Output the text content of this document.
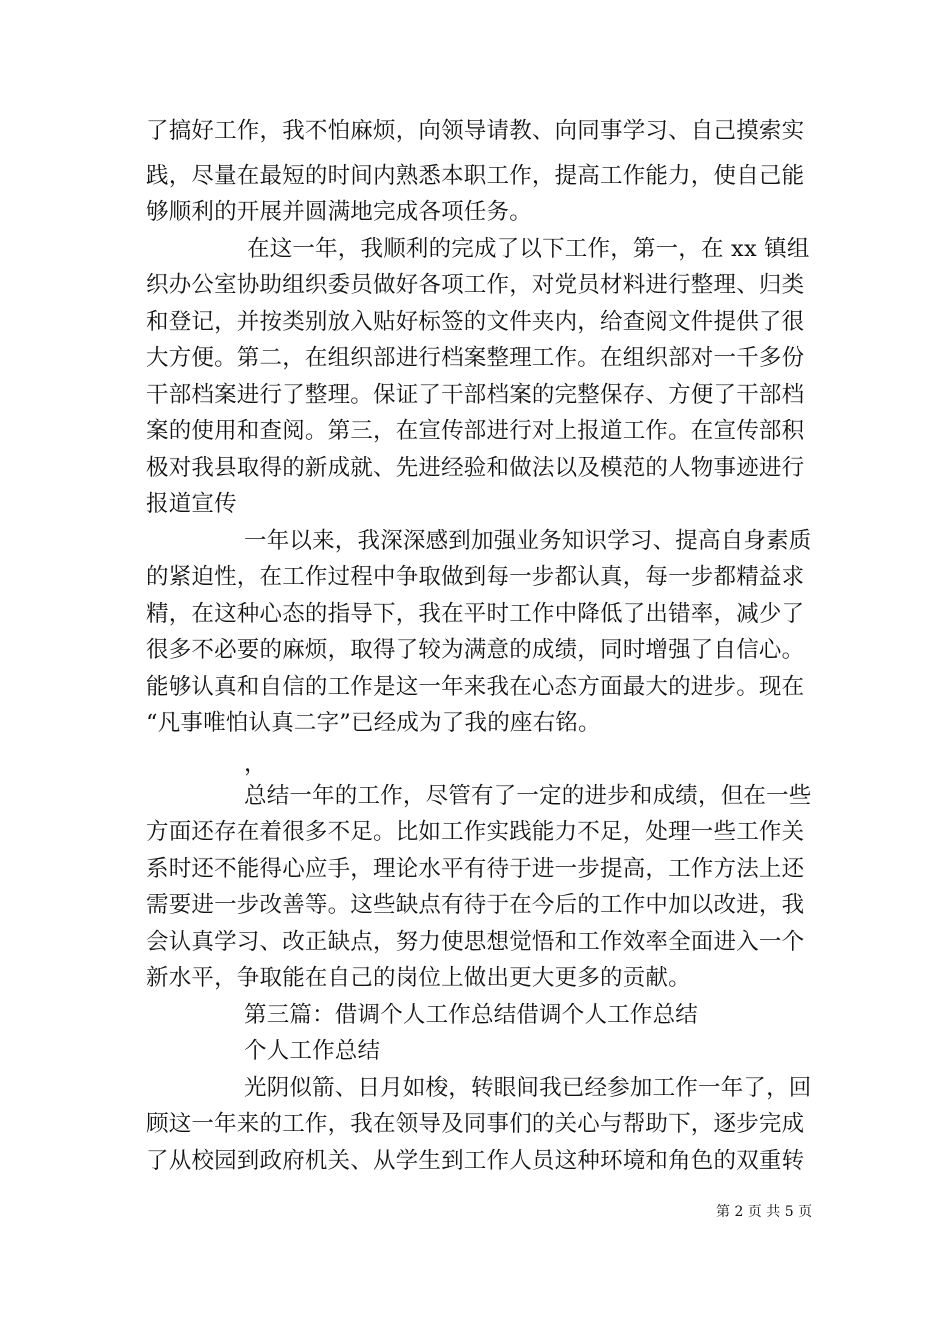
了搞好工作，我不怕麻烦，向领导请教、向同事学习、自己摸索实
践，尽量在最短的时间内熟悉本职工作，提高工作能力，使自己能
够顺利的开展并圆满地完成各项任务。
在这一年，我顺利的完成了以下工作，第一，在 xx 镇组
织办公室协助组织委员做好各项工作，对党员材料进行整理、归类
和登记，并按类别放入贴好标签的文件夹内，给查阅文件提供了很
大方便。第二，在组织部进行档案整理工作。在组织部对一千多份
干部档案进行了整理。保证了干部档案的完整保存、方便了干部档
案的使用和查阅。第三，在宣传部进行对上报道工作。在宣传部积
极对我县取得的新成就、先进经验和做法以及模范的人物事迹进行
报道宣传
一年以来，我深深感到加强业务知识学习、提高自身素质
的紧迫性，在工作过程中争取做到每一步都认真，每一步都精益求
精，在这种心态的指导下，我在平时工作中降低了出错率，减少了
很多不必要的麻烦，取得了较为满意的成绩，同时增强了自信心。
能够认真和自信的工作是这一年来我在心态方面最大的进步。现在
“凡事唯怕认真二字”已经成为了我的座右铭。
，
总结一年的工作，尽管有了一定的进步和成绩，但在一些
方面还存在着很多不足。比如工作实践能力不足，处理一些工作关
系时还不能得心应手，理论水平有待于进一步提高，工作方法上还
需要进一步改善等。这些缺点有待于在今后的工作中加以改进，我
会认真学习、改正缺点，努力使思想觉悟和工作效率全面进入一个
新水平，争取能在自己的岗位上做出更大更多的贡献。
第三篇：借调个人工作总结借调个人工作总结
个人工作总结
光阴似箭、日月如梭，转眼间我已经参加工作一年了，回
顾这一年来的工作，我在领导及同事们的关心与帮助下，逐步完成
了从校园到政府机关、从学生到工作人员这种环境和角色的双重转
第 2 页 共 5 页
